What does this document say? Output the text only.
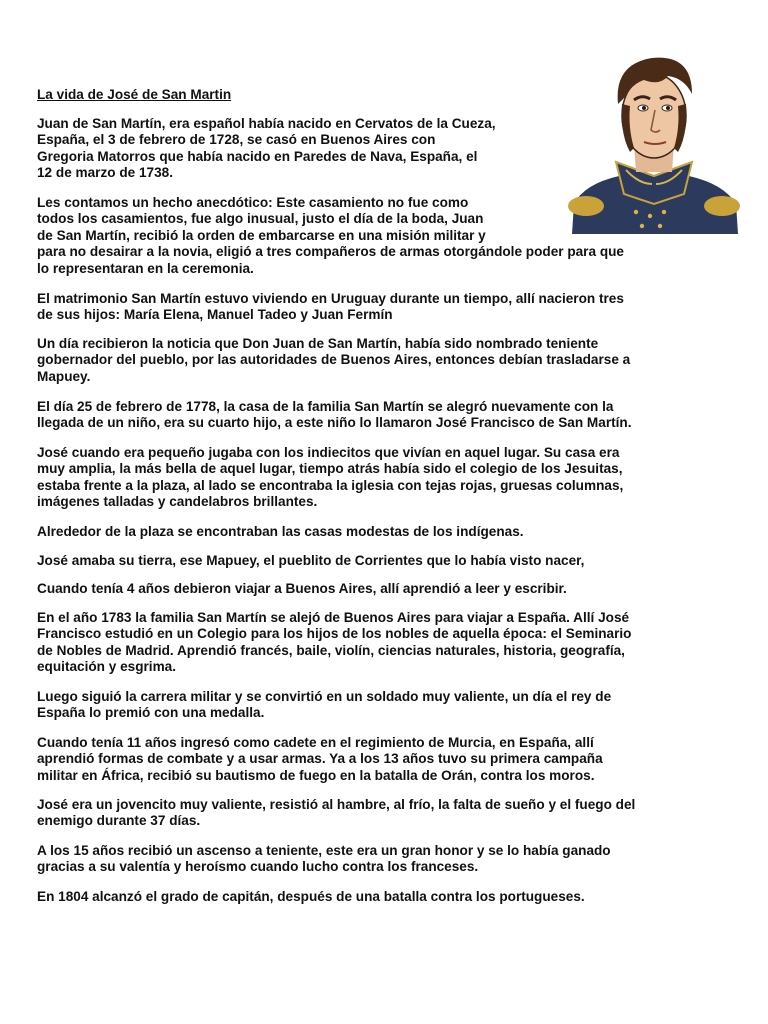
La vida de José de San Martin

Juan de San Martín, era español había nacido en Cervatos de la Cueza,
España, el 3 de febrero de 1728, se casó en Buenos Aires con
Gregoria Matorros que había nacido en Paredes de Nava, España, el
12 de marzo de 1738.

Les contamos un hecho anecdótico: Este casamiento no fue como
todos los casamientos, fue algo inusual, justo el día de la boda, Juan
de San Martín, recibió la orden de embarcarse en una misión militar y
para no desairar a la novia, eligió a tres compañeros de armas otorgándole poder para que
lo representaran en la ceremonia.

El matrimonio San Martín estuvo viviendo en Uruguay durante un tiempo, allí nacieron tres
de sus hijos: María Elena, Manuel Tadeo y Juan Fermín

Un día recibieron la noticia que Don Juan de San Martín, había sido nombrado teniente
gobernador del pueblo, por las autoridades de Buenos Aires, entonces debían trasladarse a
Mapuey.

El día 25 de febrero de 1778, la casa de la familia San Martín se alegró nuevamente con la
llegada de un niño, era su cuarto hijo, a este niño lo llamaron José Francisco de San Martín.

José cuando era pequeño jugaba con los indiecitos que vivían en aquel lugar. Su casa era
muy amplia, la más bella de aquel lugar, tiempo atrás había sido el colegio de los Jesuitas,
estaba frente a la plaza, al lado se encontraba la iglesia con tejas rojas, gruesas columnas,
imágenes talladas y candelabros brillantes.

Alrededor de la plaza se encontraban las casas modestas de los indígenas.

José amaba su tierra, ese Mapuey, el pueblito de Corrientes que lo había visto nacer,

Cuando tenía 4 años debieron viajar a Buenos Aires, allí aprendió a leer y escribir.

En el año 1783 la familia San Martín se alejó de Buenos Aires para viajar a España. Allí José
Francisco estudió en un Colegio para los hijos de los nobles de aquella época: el Seminario
de Nobles de Madrid. Aprendió francés, baile, violín, ciencias naturales, historia, geografía,
equitación y esgrima.

Luego siguió la carrera militar y se convirtió en un soldado muy valiente, un día el rey de
España lo premió con una medalla.

Cuando tenía 11 años ingresó como cadete en el regimiento de Murcia, en España, allí
aprendió formas de combate y a usar armas. Ya a los 13 años tuvo su primera campaña
militar en África, recibió su bautismo de fuego en la batalla de Orán, contra los moros.

José era un jovencito muy valiente, resistió al hambre, al frío, la falta de sueño y el fuego del
enemigo durante 37 días.

A los 15 años recibió un ascenso a teniente, este era un gran honor y se lo había ganado
gracias a su valentía y heroísmo cuando lucho contra los franceses.

En 1804 alcanzó el grado de capitán, después de una batalla contra los portugueses.
